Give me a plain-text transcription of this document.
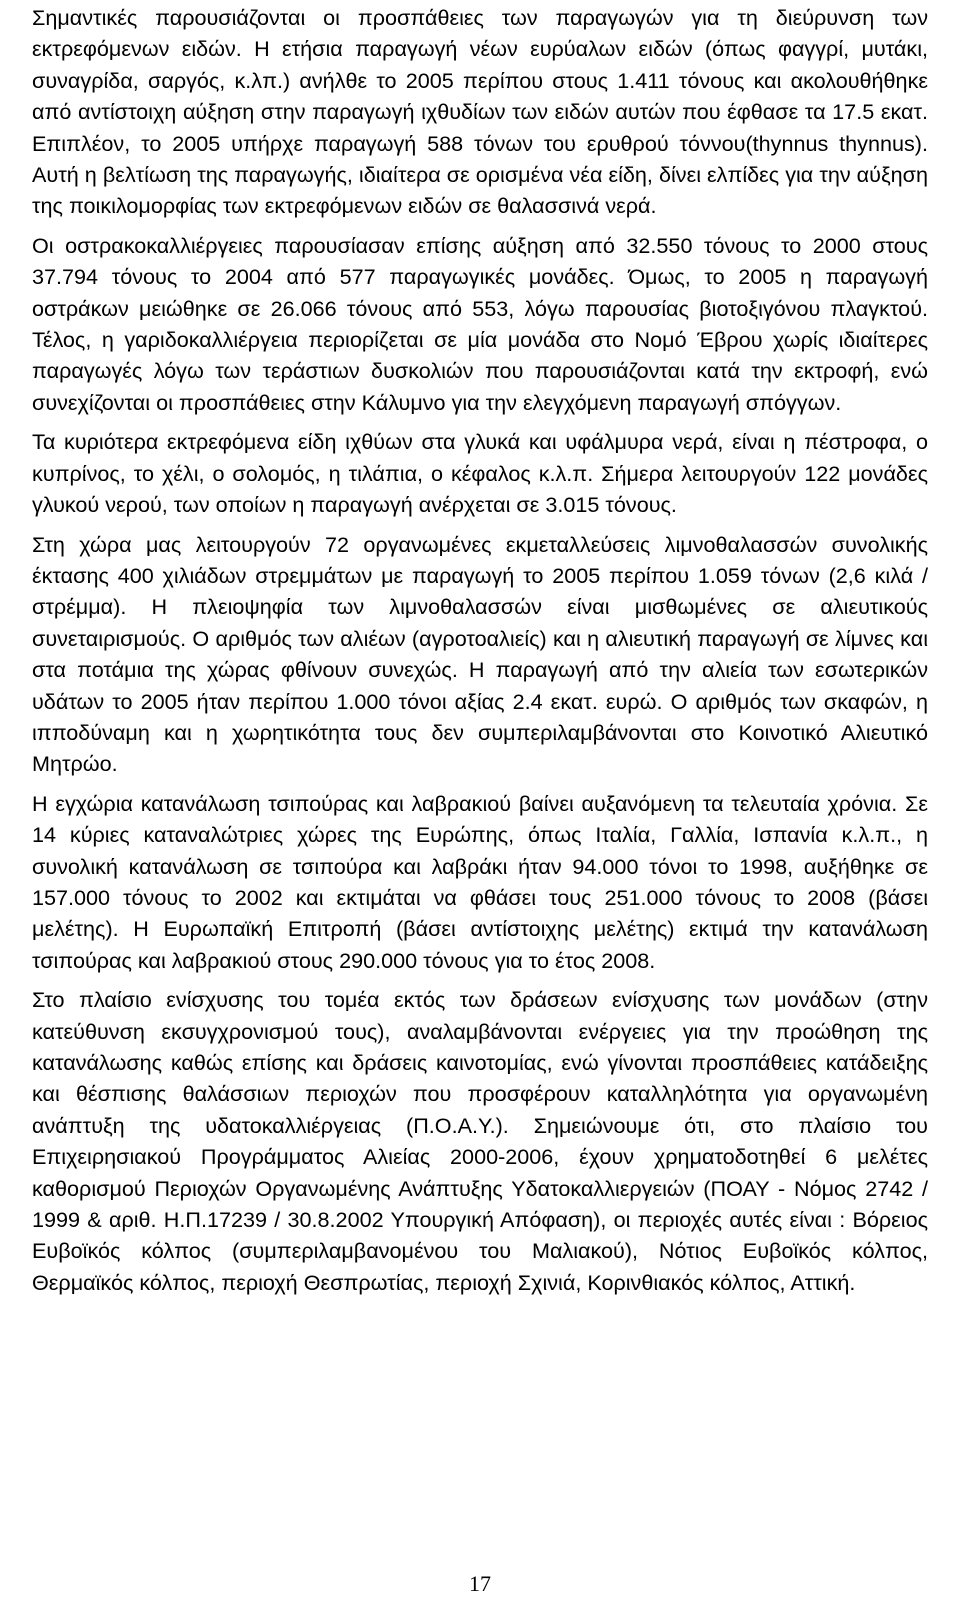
Σημαντικές παρουσιάζονται οι προσπάθειες των παραγωγών για τη διεύρυνση των εκτρεφόμενων ειδών. Η ετήσια παραγωγή νέων ευρύαλων ειδών (όπως φαγγρί, μυτάκι, συναγρίδα, σαργός, κ.λπ.) ανήλθε το 2005 περίπου στους 1.411 τόνους και ακολουθήθηκε από αντίστοιχη αύξηση στην παραγωγή ιχθυδίων των ειδών αυτών που έφθασε τα 17.5 εκατ. Επιπλέον, το 2005 υπήρχε παραγωγή 588 τόνων του ερυθρού τόννου(thynnus thynnus). Αυτή η βελτίωση της παραγωγής, ιδιαίτερα σε ορισμένα νέα είδη, δίνει ελπίδες για την αύξηση της ποικιλομορφίας των εκτρεφόμενων ειδών σε θαλασσινά νερά.

Οι οστρακοκαλλιέργειες παρουσίασαν επίσης αύξηση από 32.550 τόνους το 2000 στους 37.794 τόνους το 2004 από 577 παραγωγικές μονάδες. Όμως, το 2005 η παραγωγή οστράκων μειώθηκε σε 26.066 τόνους από 553, λόγω παρουσίας βιοτοξιγόνου πλαγκτού. Τέλος, η γαριδοκαλλιέργεια περιορίζεται σε μία μονάδα στο Νομό Έβρου χωρίς ιδιαίτερες παραγωγές λόγω των τεράστιων δυσκολιών που παρουσιάζονται κατά την εκτροφή, ενώ συνεχίζονται οι προσπάθειες στην Κάλυμνο για την ελεγχόμενη παραγωγή σπόγγων.

Τα κυριότερα εκτρεφόμενα είδη ιχθύων στα γλυκά και υφάλμυρα νερά, είναι η πέστροφα, ο κυπρίνος, το χέλι, ο σολομός, η τιλάπια, ο κέφαλος κ.λ.π. Σήμερα λειτουργούν 122 μονάδες γλυκού νερού, των οποίων η παραγωγή ανέρχεται σε 3.015 τόνους.

Στη χώρα μας λειτουργούν 72 οργανωμένες εκμεταλλεύσεις λιμνοθαλασσών συνολικής έκτασης 400 χιλιάδων στρεμμάτων με παραγωγή το 2005 περίπου 1.059 τόνων (2,6 κιλά / στρέμμα). Η πλειοψηφία των λιμνοθαλασσών είναι μισθωμένες σε αλιευτικούς συνεταιρισμούς. Ο αριθμός των αλιέων (αγροτοαλιείς) και η αλιευτική παραγωγή σε λίμνες και στα ποτάμια της χώρας φθίνουν συνεχώς. Η παραγωγή από την αλιεία των εσωτερικών υδάτων το 2005 ήταν περίπου 1.000 τόνοι αξίας 2.4 εκατ. ευρώ. Ο αριθμός των σκαφών, η ιπποδύναμη και η χωρητικότητα τους δεν συμπεριλαμβάνονται στο Κοινοτικό Αλιευτικό Μητρώο.

Η εγχώρια κατανάλωση τσιπούρας και λαβρακιού βαίνει αυξανόμενη τα τελευταία χρόνια. Σε 14 κύριες καταναλώτριες χώρες της Ευρώπης, όπως Ιταλία, Γαλλία, Ισπανία κ.λ.π., η συνολική κατανάλωση σε τσιπούρα και λαβράκι ήταν 94.000 τόνοι το 1998, αυξήθηκε σε 157.000 τόνους το 2002 και εκτιμάται να φθάσει τους 251.000 τόνους το 2008 (βάσει μελέτης). Η Ευρωπαϊκή Επιτροπή (βάσει αντίστοιχης μελέτης) εκτιμά την κατανάλωση τσιπούρας και λαβρακιού στους 290.000 τόνους για το έτος 2008.

Στο πλαίσιο ενίσχυσης του τομέα εκτός των δράσεων ενίσχυσης των μονάδων (στην κατεύθυνση εκσυγχρονισμού τους), αναλαμβάνονται ενέργειες για την προώθηση της κατανάλωσης καθώς επίσης και δράσεις καινοτομίας, ενώ γίνονται προσπάθειες κατάδειξης και θέσπισης θαλάσσιων περιοχών που προσφέρουν καταλληλότητα για οργανωμένη ανάπτυξη της υδατοκαλλιέργειας (Π.Ο.Α.Υ.). Σημειώνουμε ότι, στο πλαίσιο του Επιχειρησιακού Προγράμματος Αλιείας 2000-2006, έχουν χρηματοδοτηθεί 6 μελέτες καθορισμού Περιοχών Οργανωμένης Ανάπτυξης Υδατοκαλλιεργειών (ΠΟΑΥ - Νόμος 2742 / 1999 & αριθ. Η.Π.17239 / 30.8.2002 Υπουργική Απόφαση), οι περιοχές αυτές είναι : Βόρειος Ευβοϊκός κόλπος (συμπεριλαμβανομένου του Μαλιακού), Νότιος Ευβοϊκός κόλπος, Θερμαϊκός κόλπος, περιοχή Θεσπρωτίας, περιοχή Σχινιά, Κορινθιακός κόλπος, Αττική.

17
